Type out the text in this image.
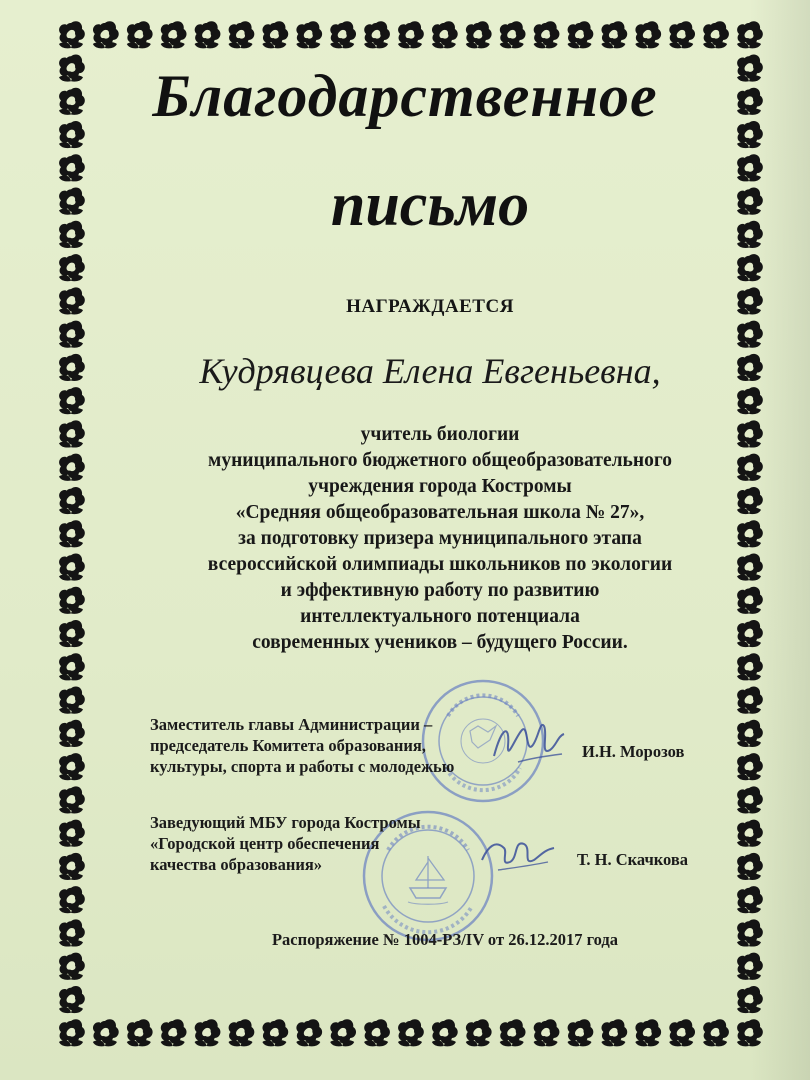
Благодарственное
письмо
НАГРАЖДАЕТСЯ
Кудрявцева Елена Евгеньевна,
учитель биологии
муниципального бюджетного общеобразовательного
учреждения города Костромы
«Средняя общеобразовательная школа № 27»,
за подготовку призера муниципального этапа
всероссийской олимпиады школьников по экологии
и эффективную работу по развитию
интеллектуального потенциала
современных учеников – будущего России.
Заместитель главы Администрации –
председатель Комитета образования,
культуры, спорта и работы с молодежью
И.Н. Морозов
Заведующий МБУ города Костромы
«Городской центр обеспечения
качества образования»	Т. Н. Скачкова
Распоряжение № 1004-РЗ/IV от 26.12.2017 года
